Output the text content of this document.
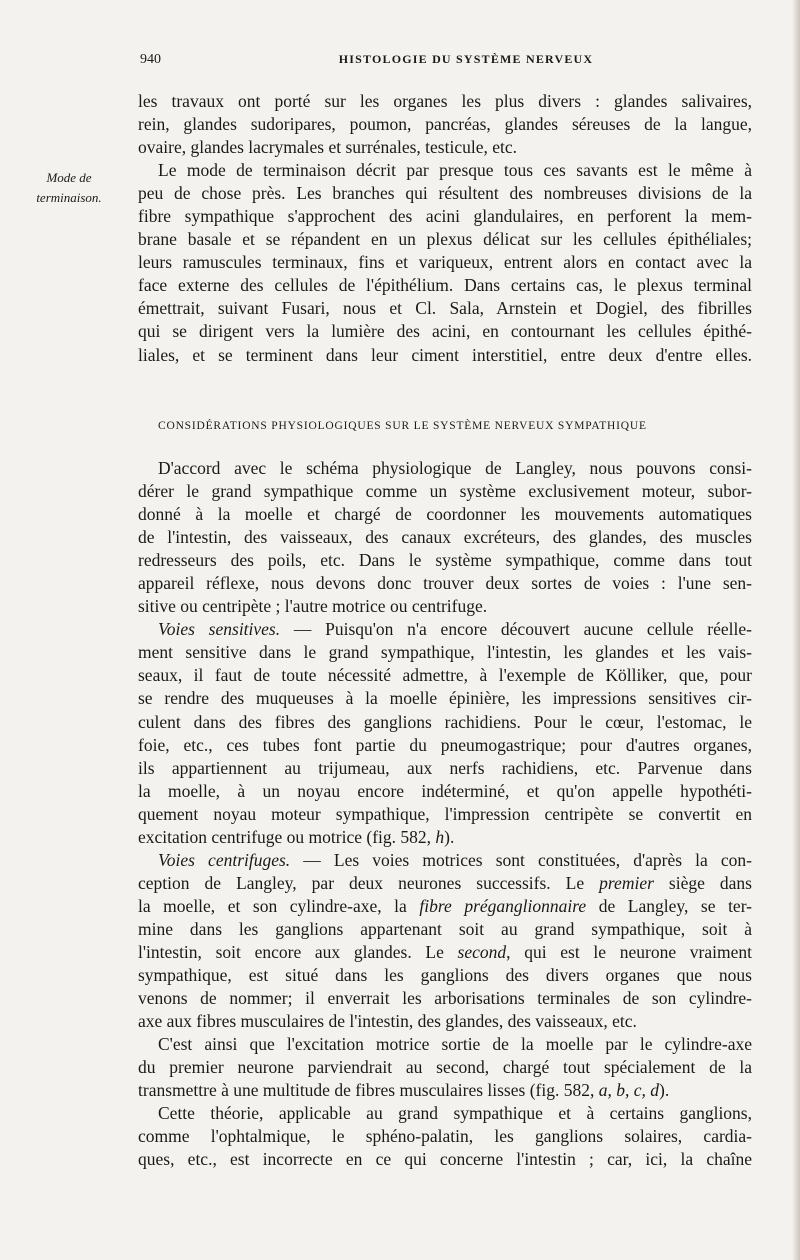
940	HISTOLOGIE DU SYSTÈME NERVEUX
Mode de terminaison.
les travaux ont porté sur les organes les plus divers : glandes salivaires,
rein, glandes sudoripares, poumon, pancréas, glandes séreuses de la langue,
ovaire, glandes lacrymales et surrénales, testicule, etc.
Le mode de terminaison décrit par presque tous ces savants est le même à
peu de chose près. Les branches qui résultent des nombreuses divisions de la
fibre sympathique s'approchent des acini glandulaires, en perforent la mem-
brane basale et se répandent en un plexus délicat sur les cellules épithéliales;
leurs ramuscules terminaux, fins et variqueux, entrent alors en contact avec la
face externe des cellules de l'épithélium. Dans certains cas, le plexus terminal
émettrait, suivant Fusari, nous et Cl. Sala, Arnstein et Dogiel, des fibrilles
qui se dirigent vers la lumière des acini, en contournant les cellules épithé-
liales, et se terminent dans leur ciment interstitiel, entre deux d'entre elles.
CONSIDÉRATIONS PHYSIOLOGIQUES SUR LE SYSTÈME NERVEUX SYMPATHIQUE
D'accord avec le schéma physiologique de Langley, nous pouvons consi-
dérer le grand sympathique comme un système exclusivement moteur, subor-
donné à la moelle et chargé de coordonner les mouvements automatiques
de l'intestin, des vaisseaux, des canaux excréteurs, des glandes, des muscles
redresseurs des poils, etc. Dans le système sympathique, comme dans tout
appareil réflexe, nous devons donc trouver deux sortes de voies : l'une sen-
sitive ou centripète ; l'autre motrice ou centrifuge.
Voies sensitives. — Puisqu'on n'a encore découvert aucune cellule réelle-
ment sensitive dans le grand sympathique, l'intestin, les glandes et les vais-
seaux, il faut de toute nécessité admettre, à l'exemple de Kölliker, que, pour
se rendre des muqueuses à la moelle épinière, les impressions sensitives cir-
culent dans des fibres des ganglions rachidiens. Pour le cœur, l'estomac, le
foie, etc., ces tubes font partie du pneumogastrique; pour d'autres organes,
ils appartiennent au trijumeau, aux nerfs rachidiens, etc. Parvenue dans
la moelle, à un noyau encore indéterminé, et qu'on appelle hypothéti-
quement noyau moteur sympathique, l'impression centripète se convertit en
excitation centrifuge ou motrice (fig. 582, h).
Voies centrifuges. — Les voies motrices sont constituées, d'après la con-
ception de Langley, par deux neurones successifs. Le premier siège dans
la moelle, et son cylindre-axe, la fibre préganglionnaire de Langley, se ter-
mine dans les ganglions appartenant soit au grand sympathique, soit à
l'intestin, soit encore aux glandes. Le second, qui est le neurone vraiment
sympathique, est situé dans les ganglions des divers organes que nous
venons de nommer; il enverrait les arborisations terminales de son cylindre-
axe aux fibres musculaires de l'intestin, des glandes, des vaisseaux, etc.
C'est ainsi que l'excitation motrice sortie de la moelle par le cylindre-axe
du premier neurone parviendrait au second, chargé tout spécialement de la
transmettre à une multitude de fibres musculaires lisses (fig. 582, a, b, c, d).
Cette théorie, applicable au grand sympathique et à certains ganglions,
comme l'ophtalmique, le sphéno-palatin, les ganglions solaires, cardia-
ques, etc., est incorrecte en ce qui concerne l'intestin ; car, ici, la chaîne
